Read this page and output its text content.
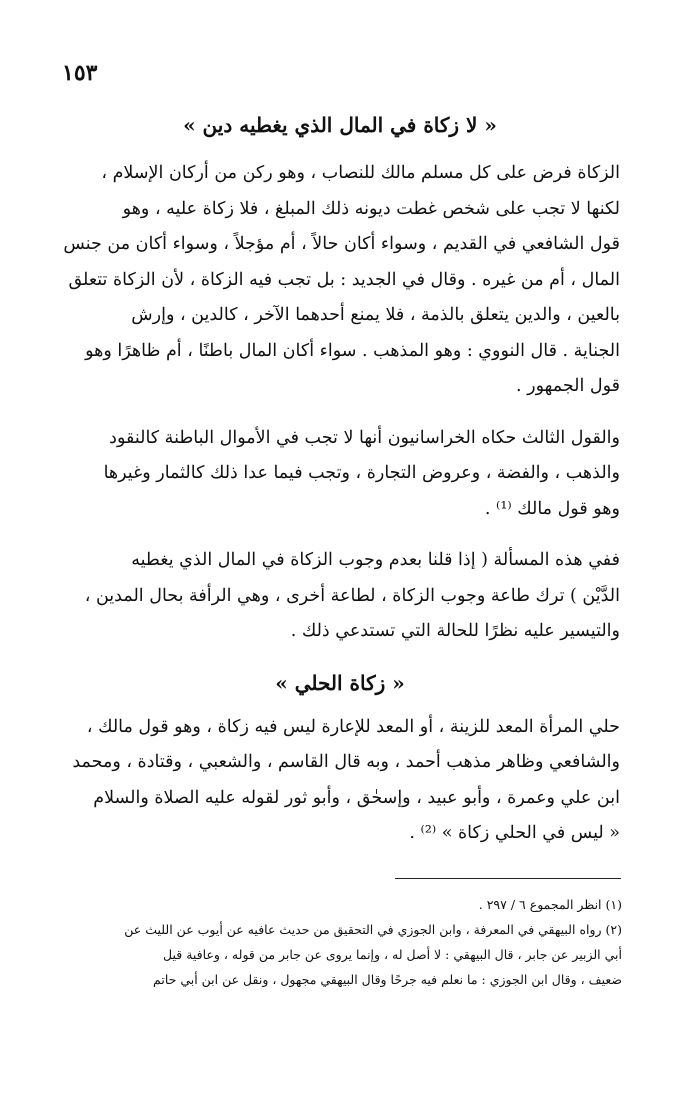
١٥٣
« لا زكاة في المال الذي يغطيه دين »
الزكاة فرض على كل مسلم مالك للنصاب ، وهو ركن من أركان الإسلام ،
لكنها لا تجب على شخص غطت ديونه ذلك المبلغ ، فلا زكاة عليه ، وهو
قول الشافعي في القديم ، وسواء أكان حالاً ، أم مؤجلاً ، وسواء أكان من جنس
المال ، أم من غيره . وقال في الجديد : بل تجب فيه الزكاة ، لأن الزكاة تتعلق
بالعين ، والدين يتعلق بالذمة ، فلا يمنع أحدهما الآخر ، كالدين ، وإرش
الجناية . قال النووي : وهو المذهب . سواء أكان المال باطنًا ، أم ظاهرًا وهو
قول الجمهور .
والقول الثالث حكاه الخراسانيون أنها لا تجب في الأموال الباطنة كالنقود
والذهب ، والفضة ، وعروض التجارة ، وتجب فيما عدا ذلك كالثمار وغيرها
وهو قول مالك ⁽¹⁾ .
ففي هذه المسألة ( إذا قلنا بعدم وجوب الزكاة في المال الذي يغطيه
الدَّيْن ) ترك طاعة وجوب الزكاة ، لطاعة أخرى ، وهي الرأفة بحال المدين ،
والتيسير عليه نظرًا للحالة التي تستدعي ذلك .
« زكاة الحلي »
حلي المرأة المعد للزينة ، أو المعد للإعارة ليس فيه زكاة ، وهو قول مالك ،
والشافعي وظاهر مذهب أحمد ، وبه قال القاسم ، والشعبي ، وقتادة ، ومحمد
ابن علي وعمرة ، وأبو عبيد ، وإسحٰق ، وأبو ثور لقوله عليه الصلاة والسلام
« ليس في الحلي زكاة » ⁽²⁾ .
(١) انظر المجموع ٦ / ٢٩٧ .
(٢) رواه البيهقي في المعرفة ، وابن الجوزي في التحقيق من حديث عافيه عن أيوب عن الليث عن
أبي الزبير عن جابر ، قال البيهقي : لا أصل له ، وإنما يروى عن جابر من قوله ، وعافية قيل
ضعيف ، وقال ابن الجوزي : ما نعلم فيه جرحًا وقال البيهقي مجهول ، ونقل عن ابن أبي حاتم
